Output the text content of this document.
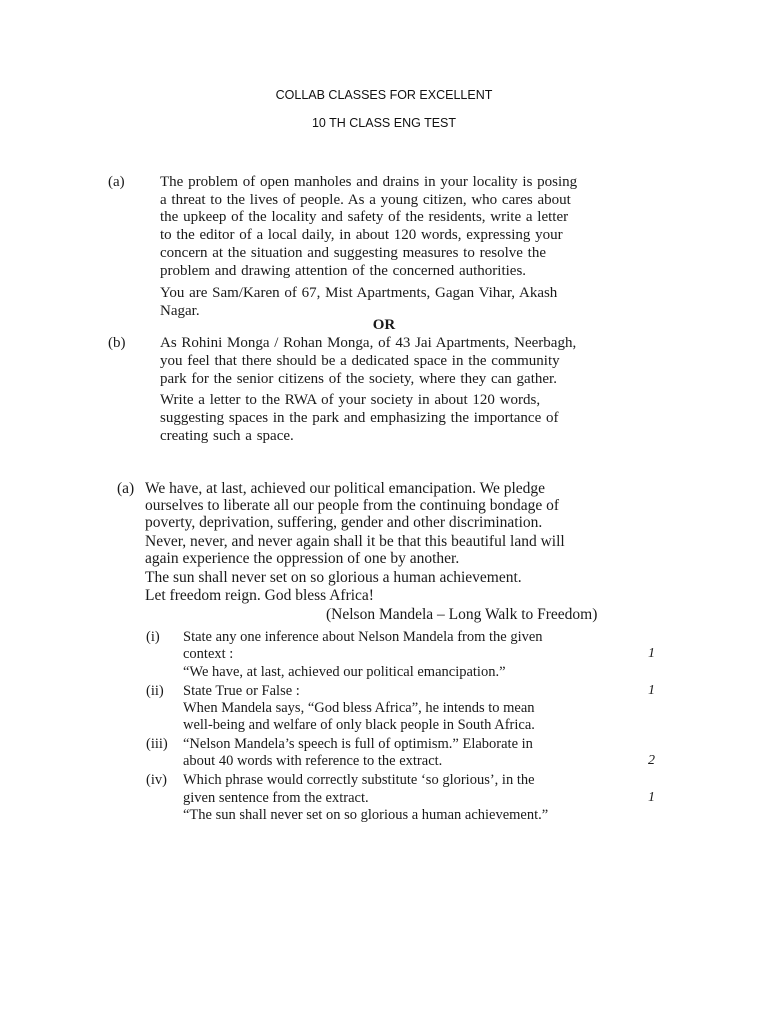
COLLAB CLASSES FOR EXCELLENT
10 TH CLASS ENG TEST
(a) The problem of open manholes and drains in your locality is posing
a threat to the lives of people. As a young citizen, who cares about
the upkeep of the locality and safety of the residents, write a letter
to the editor of a local daily, in about 120 words, expressing your
concern at the situation and suggesting measures to resolve the
problem and drawing attention of the concerned authorities.
You are Sam/Karen of 67, Mist Apartments, Gagan Vihar, Akash
Nagar.
OR
(b) As Rohini Monga / Rohan Monga, of 43 Jai Apartments, Neerbagh,
you feel that there should be a dedicated space in the community
park for the senior citizens of the society, where they can gather.
Write a letter to the RWA of your society in about 120 words,
suggesting spaces in the park and emphasizing the importance of
creating such a space.
(a) We have, at last, achieved our political emancipation. We pledge
ourselves to liberate all our people from the continuing bondage of
poverty, deprivation, suffering, gender and other discrimination.
Never, never, and never again shall it be that this beautiful land will
again experience the oppression of one by another.
The sun shall never set on so glorious a human achievement.
Let freedom reign. God bless Africa!
(Nelson Mandela – Long Walk to Freedom)
(i) State any one inference about Nelson Mandela from the given
context :	1
“We have, at last, achieved our political emancipation.”
(ii) State True or False :	1
When Mandela says, “God bless Africa”, he intends to mean
well-being and welfare of only black people in South Africa.
(iii) “Nelson Mandela’s speech is full of optimism.” Elaborate in
about 40 words with reference to the extract.	2
(iv) Which phrase would correctly substitute ‘so glorious’, in the
given sentence from the extract.	1
“The sun shall never set on so glorious a human achievement.”
